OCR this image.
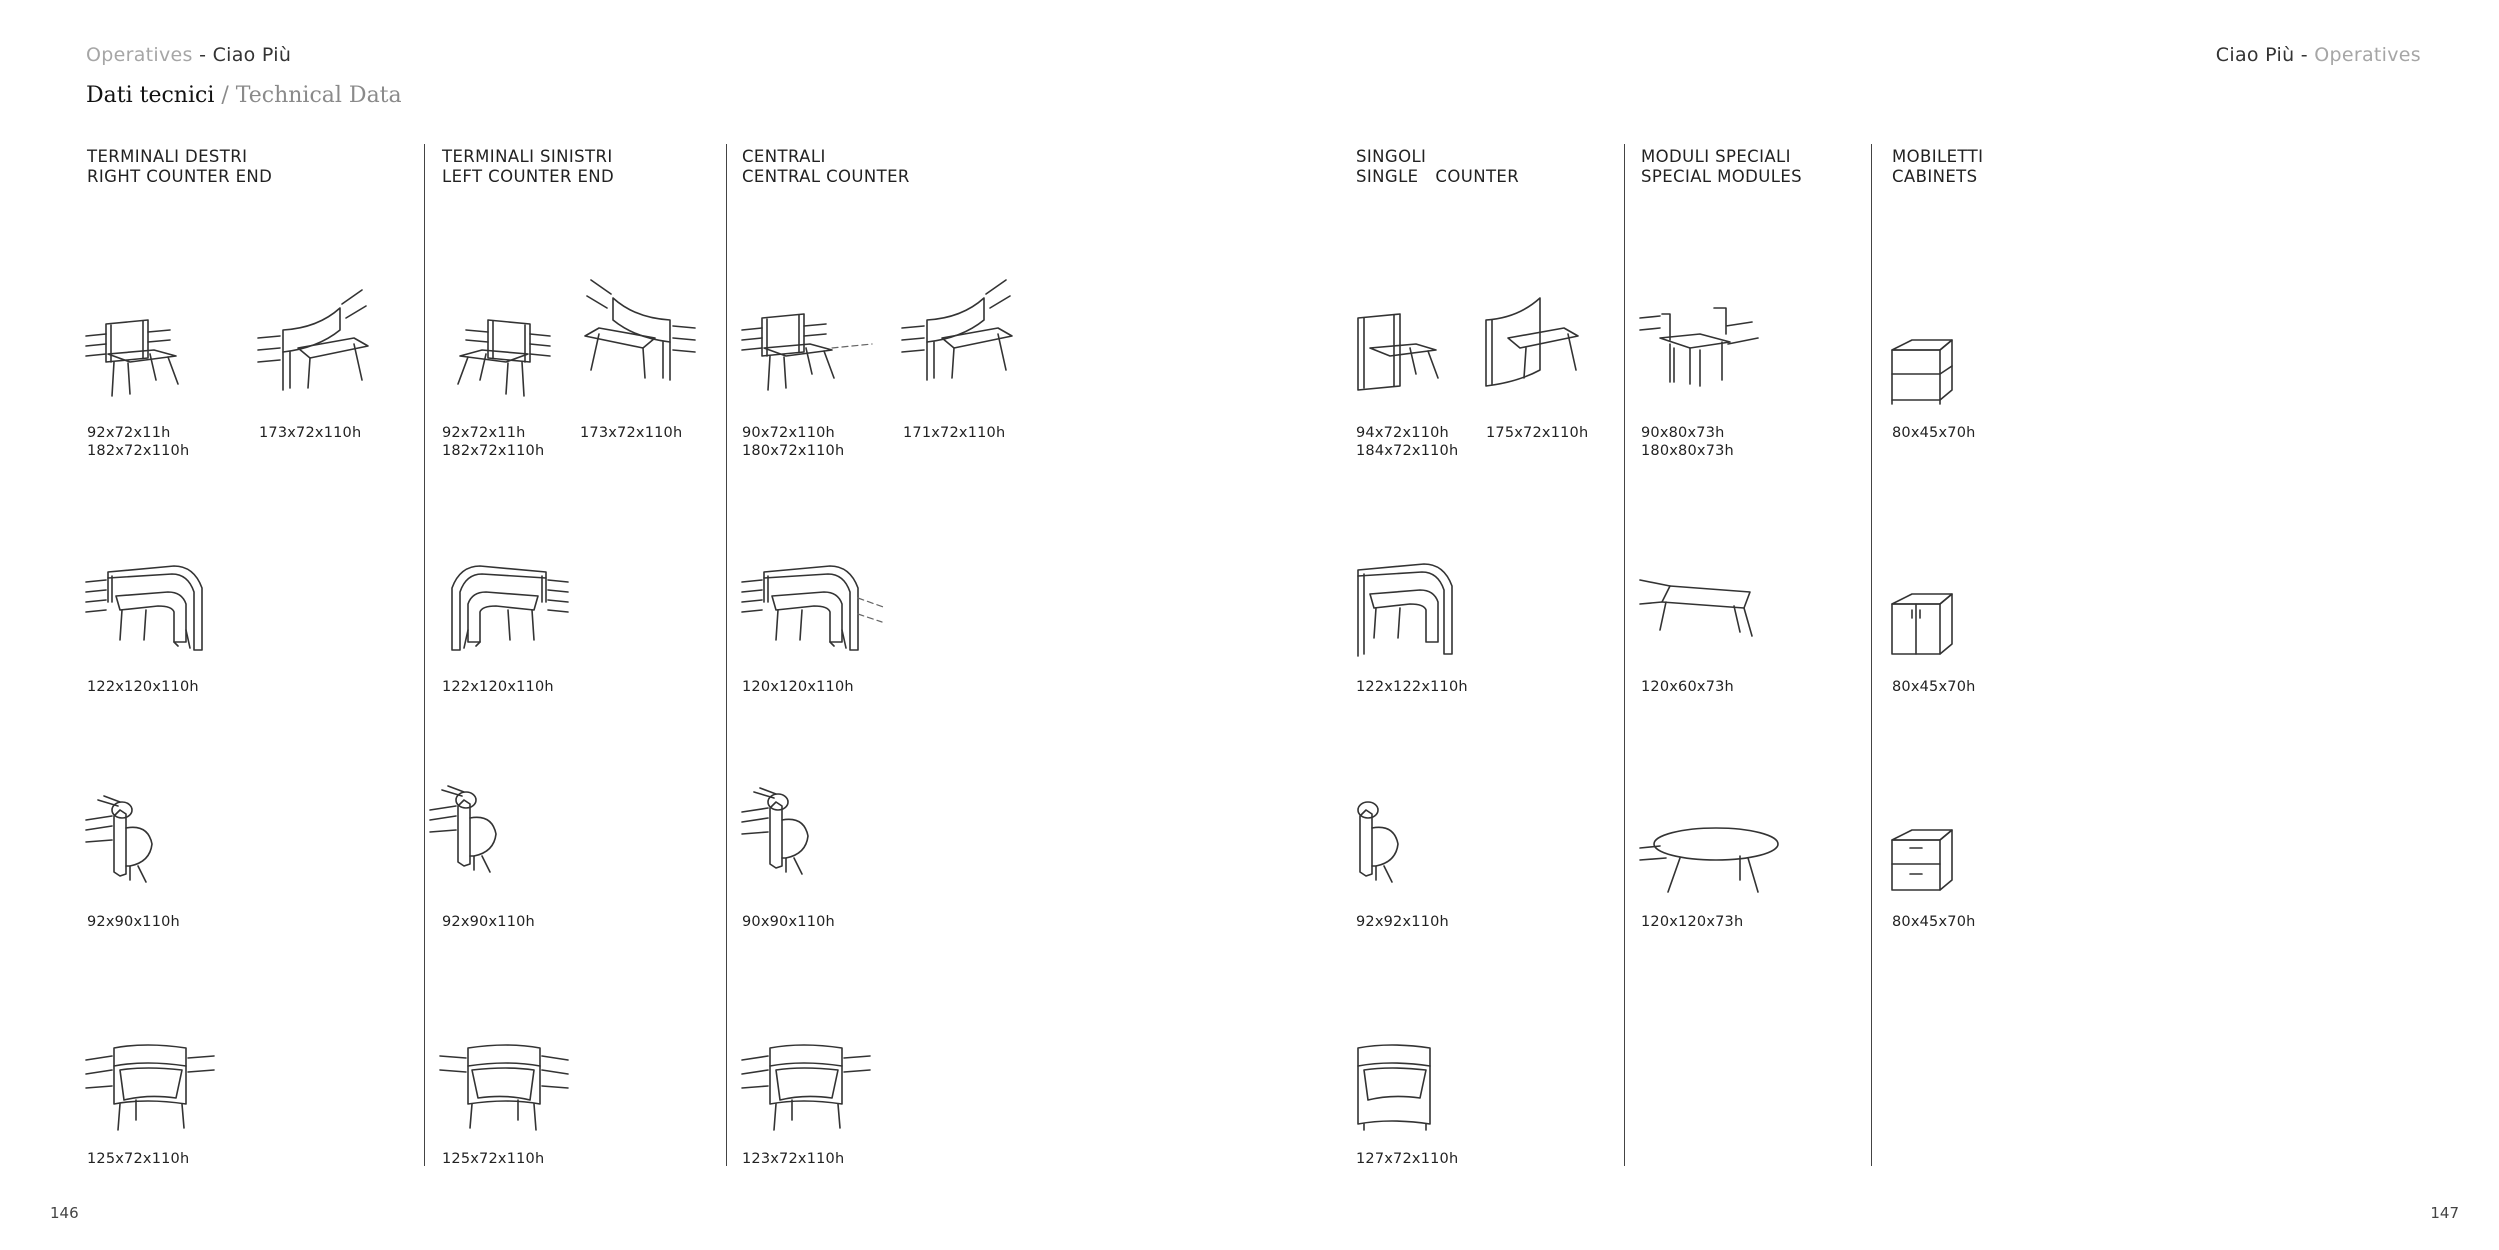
Operatives - Ciao Più	Ciao Più - Operatives
Dati tecnici / Technical Data
TERMINALI DESTRI
RIGHT COUNTER END
92x72x11h
182x72x110h
173x72x110h
122x120x110h
92x90x110h
125x72x110h
TERMINALI SINISTRI
LEFT COUNTER END
92x72x11h
182x72x110h
173x72x110h
122x120x110h
92x90x110h
125x72x110h
CENTRALI
CENTRAL COUNTER
90x72x110h
180x72x110h
171x72x110h
120x120x110h
90x90x110h
123x72x110h
SINGOLI
SINGLE   COUNTER
94x72x110h
184x72x110h
175x72x110h
122x122x110h
92x92x110h
127x72x110h
MODULI SPECIALI
SPECIAL MODULES
90x80x73h
180x80x73h
120x60x73h
120x120x73h
MOBILETTI
CABINETS
80x45x70h
80x45x70h
80x45x70h
146	147
